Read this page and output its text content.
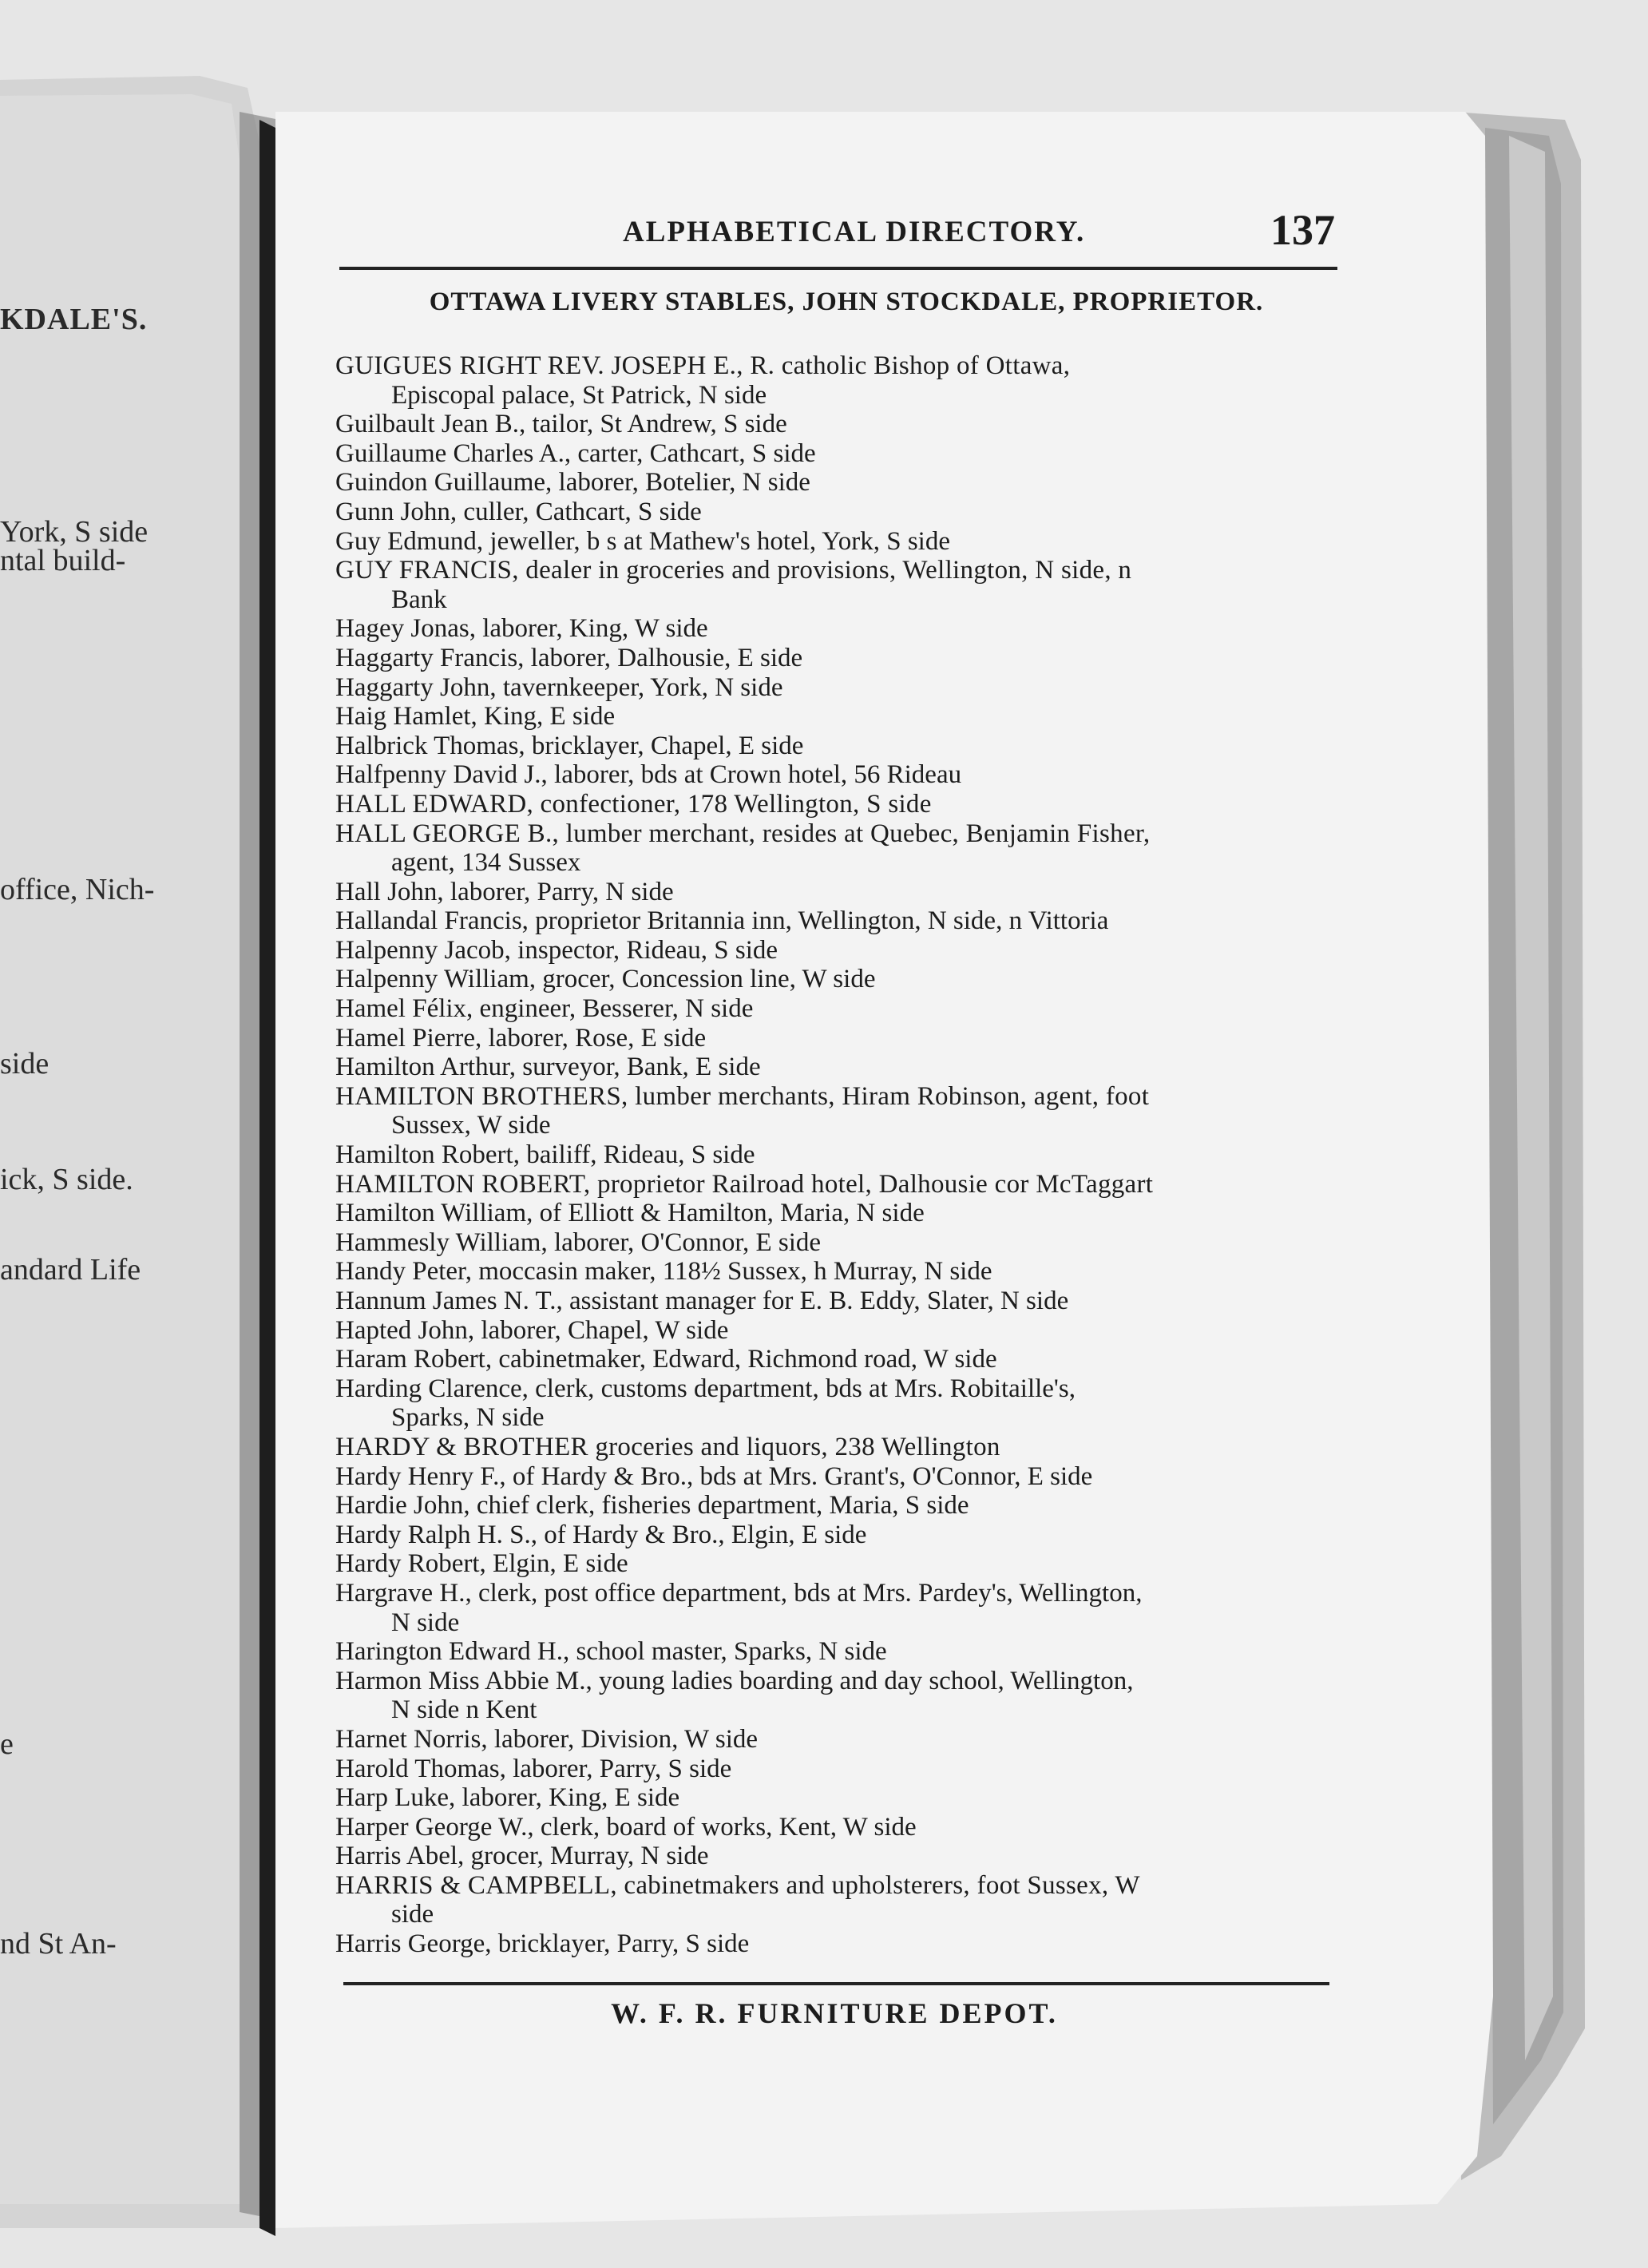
KDALE'S.
York, S side
ntal build-
office, Nich-
side
ick, S side.
andard Life
e
nd St An-
ALPHABETICAL DIRECTORY.	137
OTTAWA LIVERY STABLES, JOHN STOCKDALE, PROPRIETOR.
GUIGUES RIGHT REV. JOSEPH E., R. catholic Bishop of Ottawa,
Episcopal palace, St Patrick, N side
Guilbault Jean B., tailor, St Andrew, S side
Guillaume Charles A., carter, Cathcart, S side
Guindon Guillaume, laborer, Botelier, N side
Gunn John, culler, Cathcart, S side
Guy Edmund, jeweller, b s at Mathew's hotel, York, S side
GUY FRANCIS, dealer in groceries and provisions, Wellington, N side, n
Bank
Hagey Jonas, laborer, King, W side
Haggarty Francis, laborer, Dalhousie, E side
Haggarty John, tavernkeeper, York, N side
Haig Hamlet, King, E side
Halbrick Thomas, bricklayer, Chapel, E side
Halfpenny David J., laborer, bds at Crown hotel, 56 Rideau
HALL EDWARD, confectioner, 178 Wellington, S side
HALL GEORGE B., lumber merchant, resides at Quebec, Benjamin Fisher,
agent, 134 Sussex
Hall John, laborer, Parry, N side
Hallandal Francis, proprietor Britannia inn, Wellington, N side, n Vittoria
Halpenny Jacob, inspector, Rideau, S side
Halpenny William, grocer, Concession line, W side
Hamel Félix, engineer, Besserer, N side
Hamel Pierre, laborer, Rose, E side
Hamilton Arthur, surveyor, Bank, E side
HAMILTON BROTHERS, lumber merchants, Hiram Robinson, agent, foot
Sussex, W side
Hamilton Robert, bailiff, Rideau, S side
HAMILTON ROBERT, proprietor Railroad hotel, Dalhousie cor McTaggart
Hamilton William, of Elliott & Hamilton, Maria, N side
Hammesly William, laborer, O'Connor, E side
Handy Peter, moccasin maker, 118½ Sussex, h Murray, N side
Hannum James N. T., assistant manager for E. B. Eddy, Slater, N side
Hapted John, laborer, Chapel, W side
Haram Robert, cabinetmaker, Edward, Richmond road, W side
Harding Clarence, clerk, customs department, bds at Mrs. Robitaille's,
Sparks, N side
HARDY & BROTHER groceries and liquors, 238 Wellington
Hardy Henry F., of Hardy & Bro., bds at Mrs. Grant's, O'Connor, E side
Hardie John, chief clerk, fisheries department, Maria, S side
Hardy Ralph H. S., of Hardy & Bro., Elgin, E side
Hardy Robert, Elgin, E side
Hargrave H., clerk, post office department, bds at Mrs. Pardey's, Wellington,
N side
Harington Edward H., school master, Sparks, N side
Harmon Miss Abbie M., young ladies boarding and day school, Wellington,
N side n Kent
Harnet Norris, laborer, Division, W side
Harold Thomas, laborer, Parry, S side
Harp Luke, laborer, King, E side
Harper George W., clerk, board of works, Kent, W side
Harris Abel, grocer, Murray, N side
HARRIS & CAMPBELL, cabinetmakers and upholsterers, foot Sussex, W
side
Harris George, bricklayer, Parry, S side
W. F. R. FURNITURE DEPOT.
